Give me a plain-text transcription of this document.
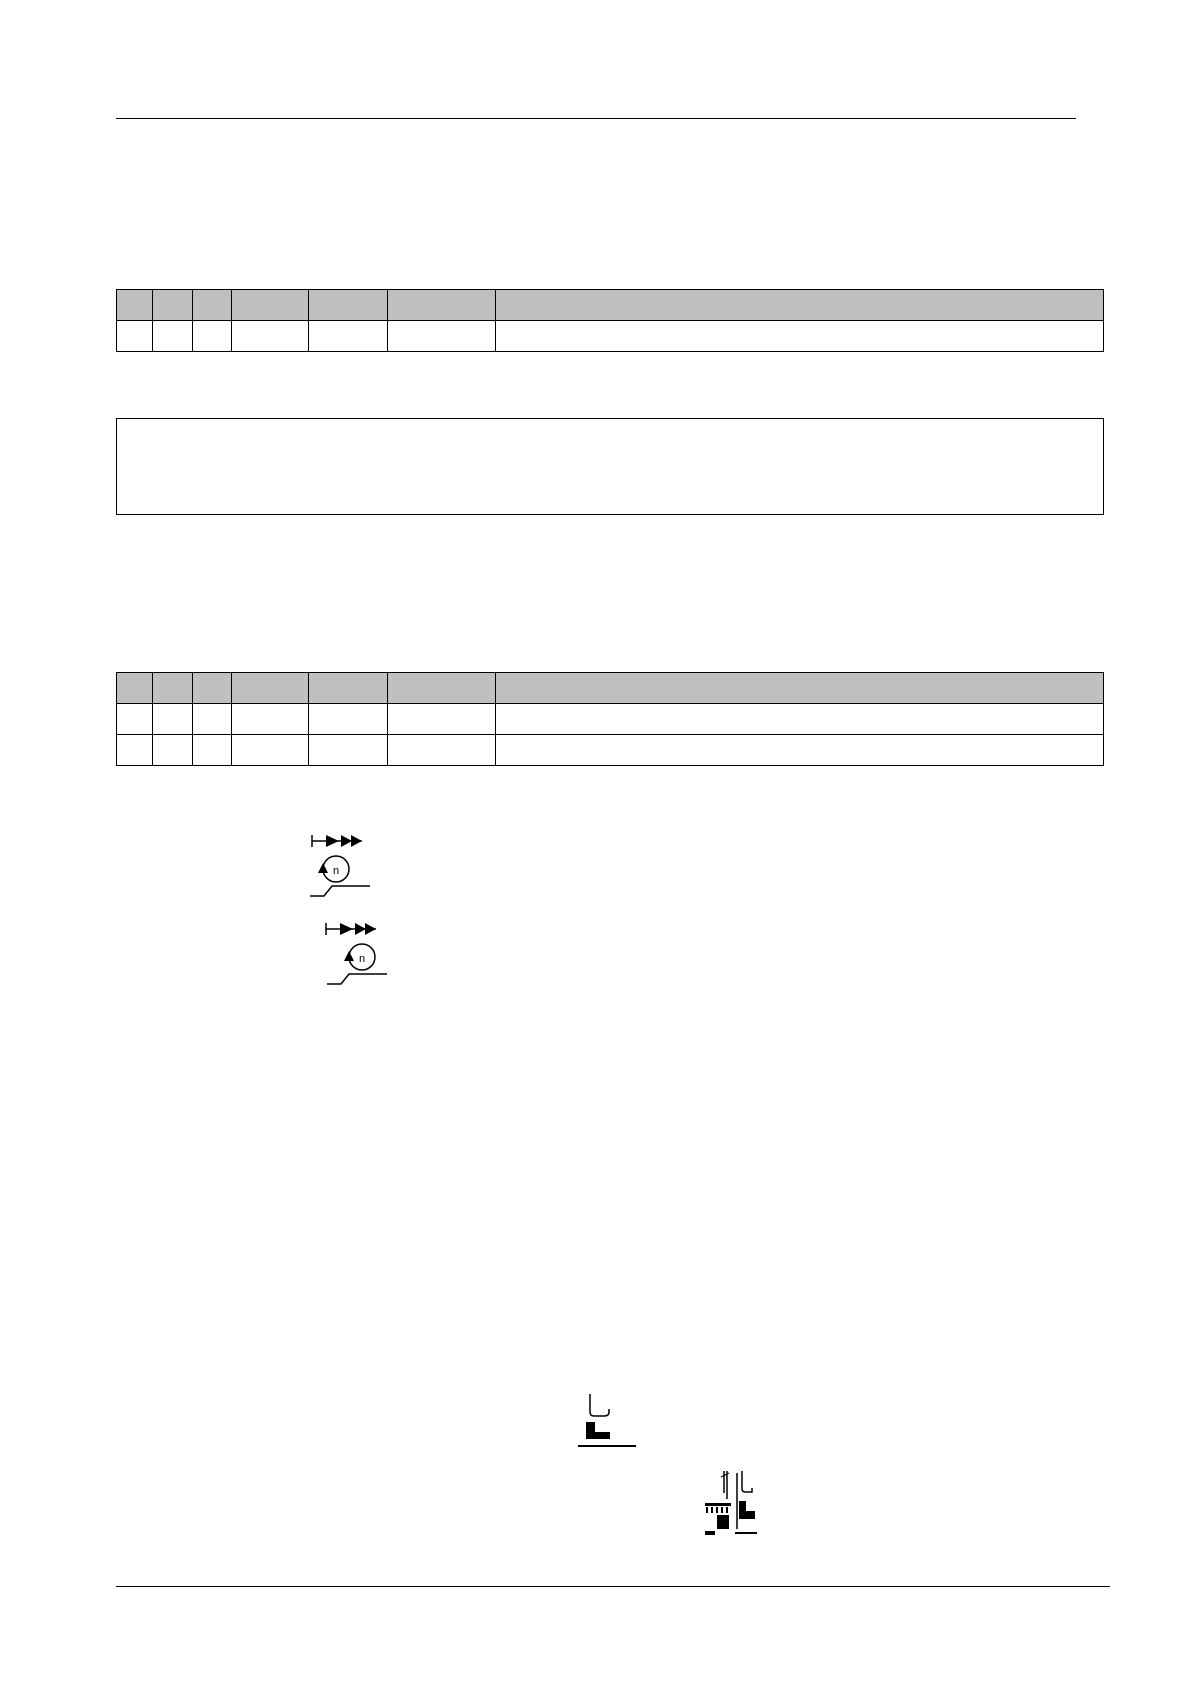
n
n
